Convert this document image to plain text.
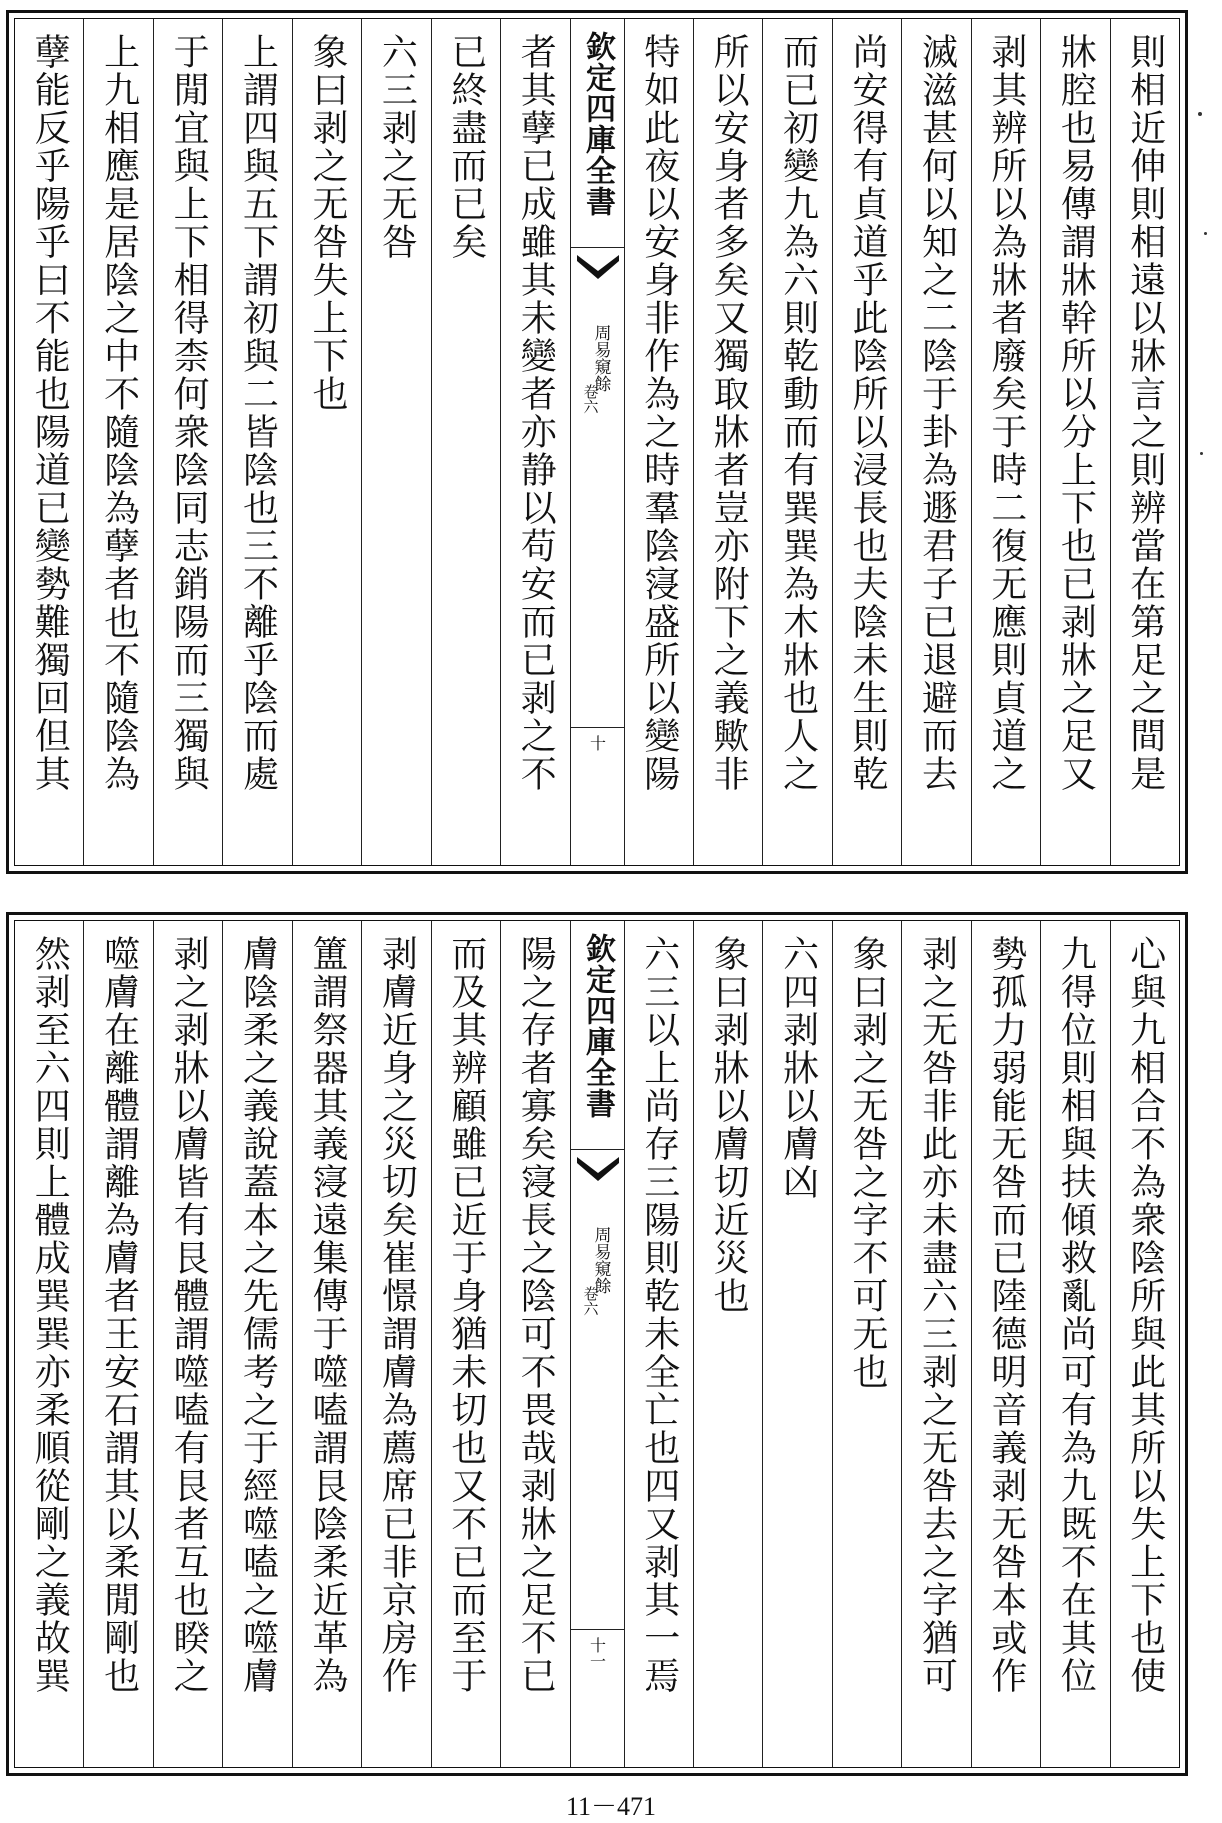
則相近伸則相遠以牀言之則辨當在第足之間是
牀腔也易傳謂牀幹所以分上下也已剥牀之足又
剥其辨所以為牀者廢矣于時二復无應則貞道之
滅滋甚何以知之二陰于卦為遯君子已退避而去
尚安得有貞道乎此陰所以浸長也夫陰未生則乾
而已初變九為六則乾動而有巽巽為木牀也人之
所以安身者多矣又獨取牀者豈亦附下之義歟非
特如此夜以安身非作為之時羣陰寖盛所以變陽
欽定四庫全書
周易窺餘
卷六
十
者其孽已成雖其未變者亦静以苟安而已剥之不
已終盡而已矣
六三剥之无咎
象曰剥之无咎失上下也
上謂四與五下謂初與二皆陰也三不離乎陰而處
于閒宜與上下相得柰何衆陰同志銷陽而三獨與
上九相應是居陰之中不隨陰為孽者也不隨陰為
孽能反乎陽乎曰不能也陽道已變勢難獨回但其
心與九相合不為衆陰所與此其所以失上下也使
九得位則相與扶傾救亂尚可有為九既不在其位
勢孤力弱能无咎而已陸德明音義剥无咎本或作
剥之无咎非此亦未盡六三剥之无咎去之字猶可
象曰剥之无咎之字不可无也
六四剥牀以膚凶
象曰剥牀以膚切近災也
六三以上尚存三陽則乾未全亡也四又剥其一焉
欽定四庫全書
周易窺餘
卷六
十一
陽之存者寡矣寖長之陰可不畏哉剥牀之足不已
而及其辨顧雖已近于身猶未切也又不已而至于
剥膚近身之災切矣崔憬謂膚為薦席已非京房作
簠謂祭器其義寖遠集傳于噬嗑謂艮陰柔近革為
膚陰柔之義說蓋本之先儒考之于經噬嗑之噬膚
剥之剥牀以膚皆有艮體謂噬嗑有艮者互也睽之
噬膚在離體謂離為膚者王安石謂其以柔閒剛也
然剥至六四則上體成巽巽亦柔順從剛之義故巽
11－471
